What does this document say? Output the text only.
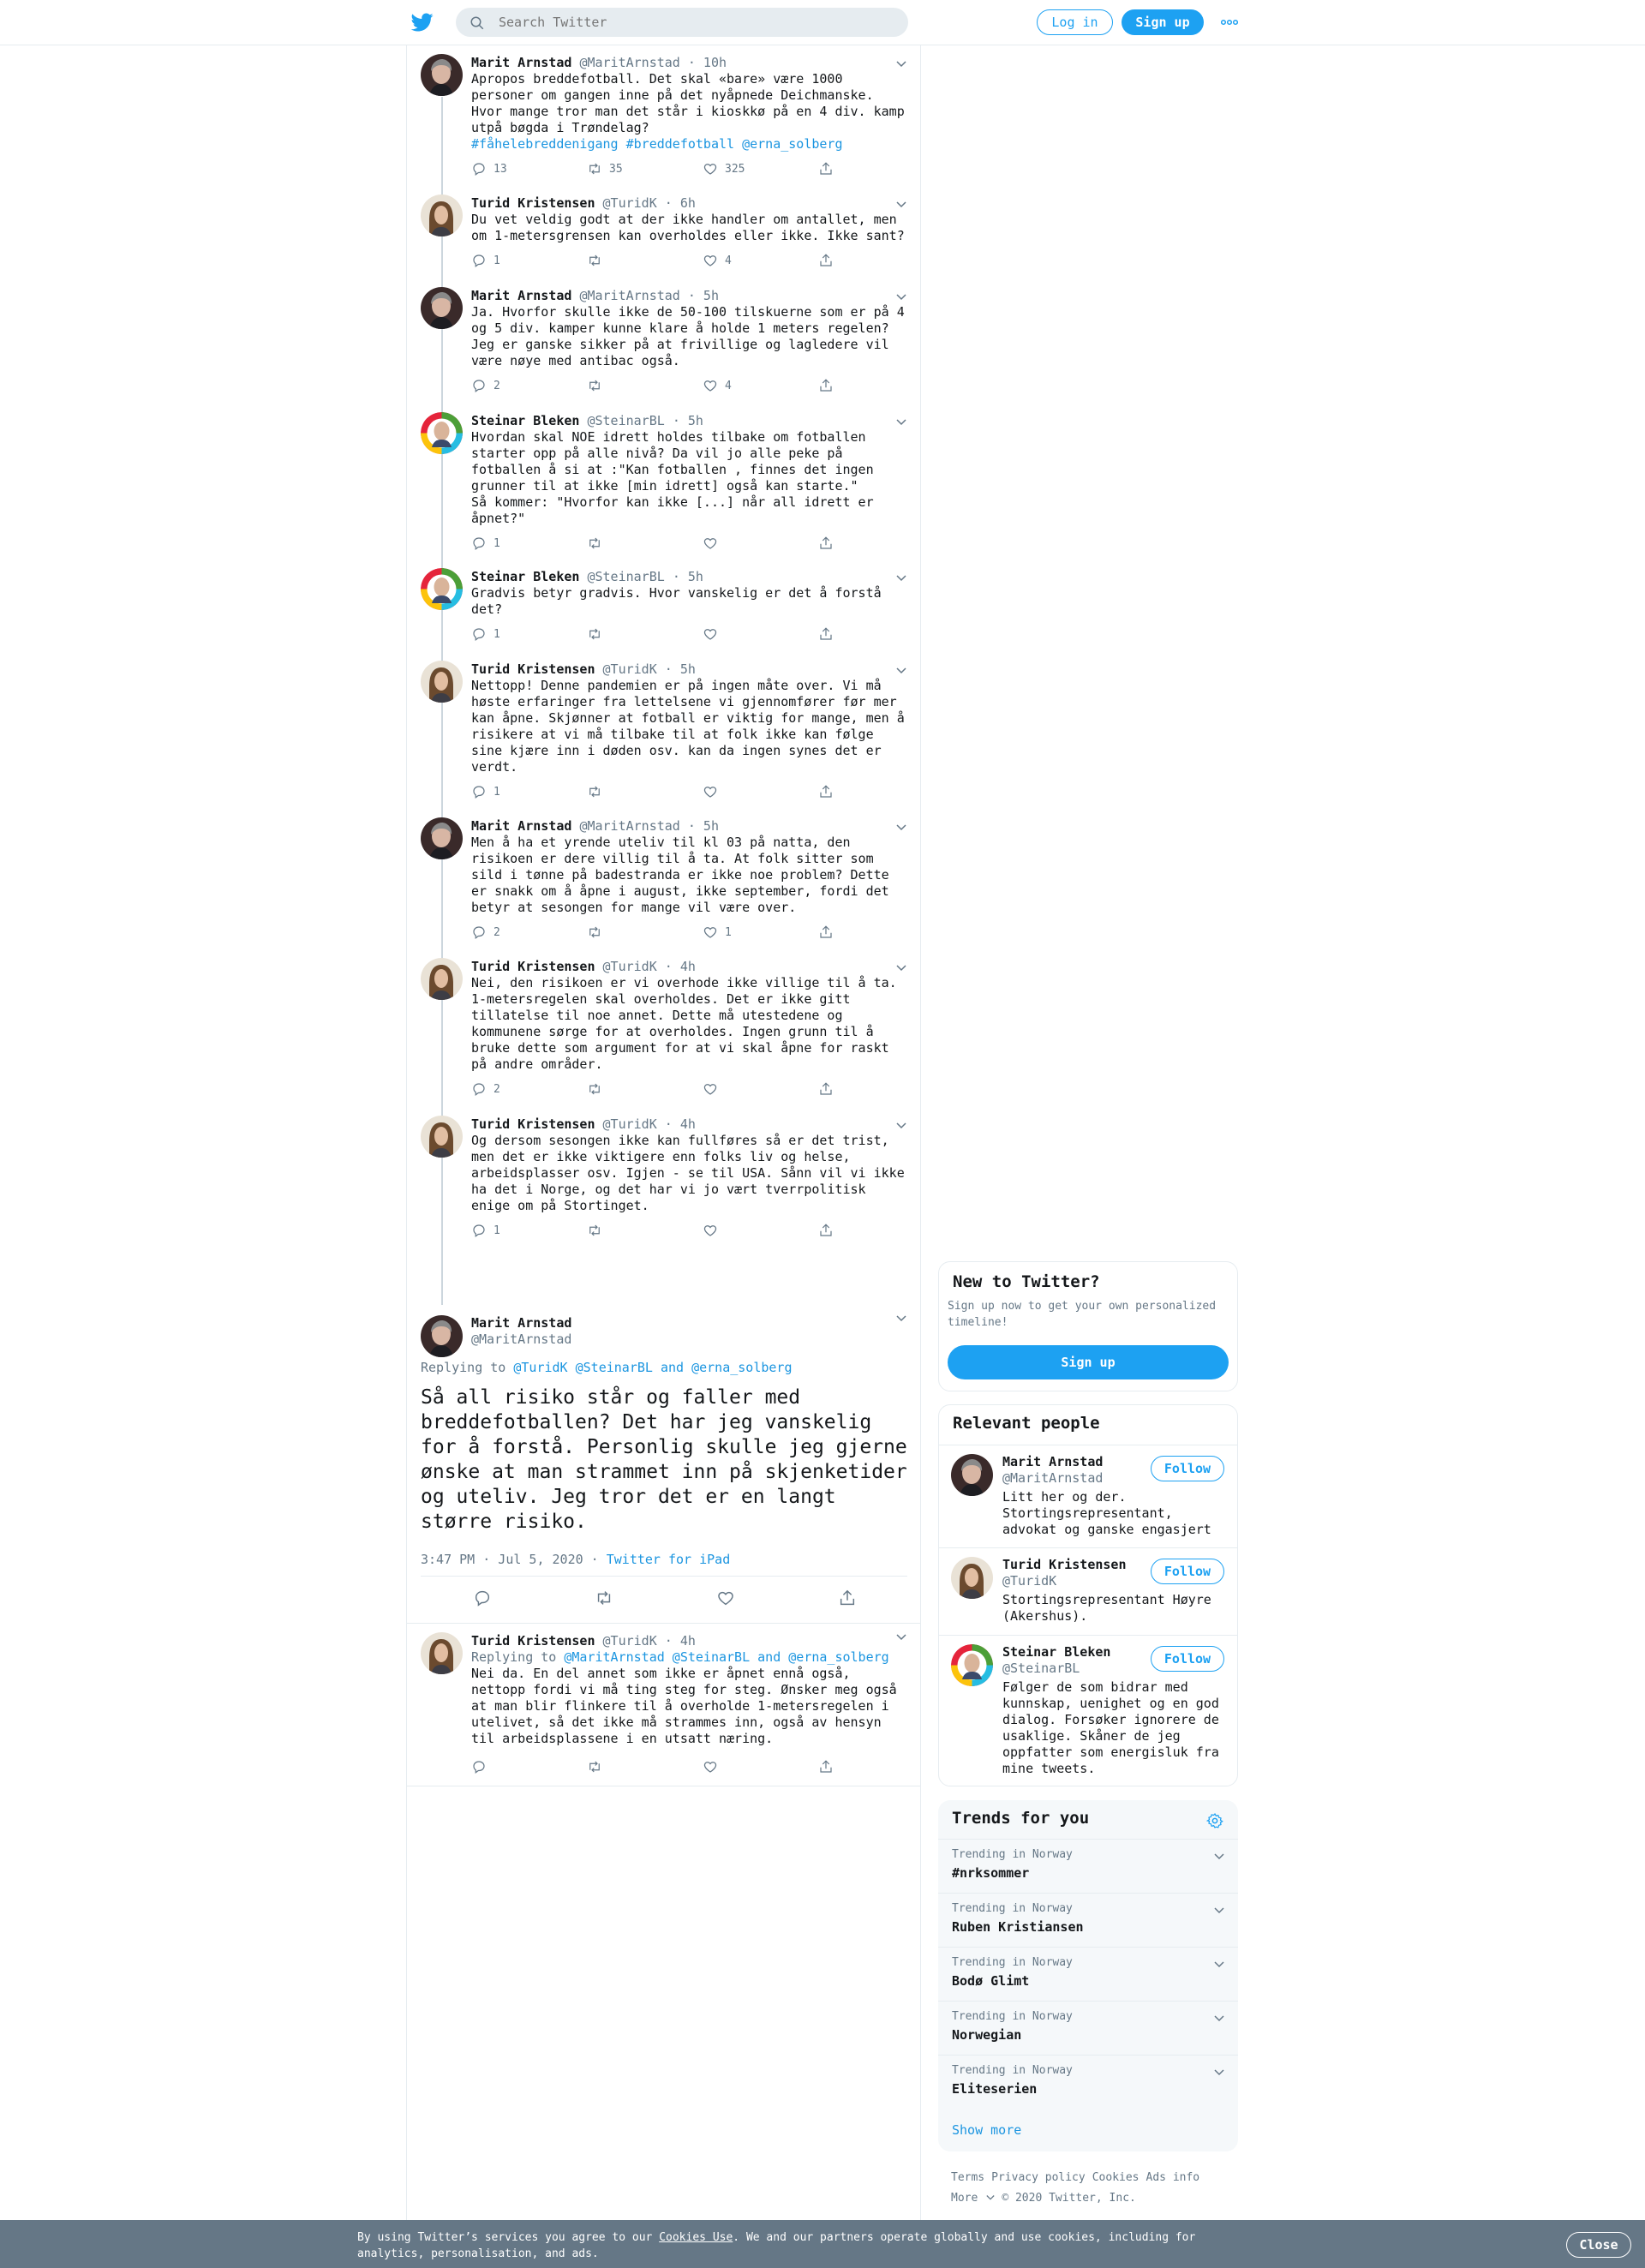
Search Twitter
Log in	Sign up
Marit Arnstad @MaritArnstad · 10h
Apropos breddefotball. Det skal «bare» være 1000
personer om gangen inne på det nyåpnede Deichmanske.
Hvor mange tror man det står i kioskkø på en 4 div. kamp
utpå bøgda i Trøndelag?
#fåhelebreddenigang #breddefotball @erna_solberg
13	35	325
Turid Kristensen @TuridK · 6h
Du vet veldig godt at der ikke handler om antallet, men
om 1-metersgrensen kan overholdes eller ikke. Ikke sant?
1	4
Marit Arnstad @MaritArnstad · 5h
Ja. Hvorfor skulle ikke de 50-100 tilskuerne som er på 4
og 5 div. kamper kunne klare å holde 1 meters regelen?
Jeg er ganske sikker på at frivillige og lagledere vil
være nøye med antibac også.
2	4
Steinar Bleken @SteinarBL · 5h
Hvordan skal NOE idrett holdes tilbake om fotballen
starter opp på alle nivå? Da vil jo alle peke på
fotballen å si at :"Kan fotballen , finnes det ingen
grunner til at ikke [min idrett] også kan starte."
Så kommer: "Hvorfor kan ikke [...] når all idrett er
åpnet?"
1
Steinar Bleken @SteinarBL · 5h
Gradvis betyr gradvis. Hvor vanskelig er det å forstå
det?
1
Turid Kristensen @TuridK · 5h
Nettopp! Denne pandemien er på ingen måte over. Vi må
høste erfaringer fra lettelsene vi gjennomfører før mer
kan åpne. Skjønner at fotball er viktig for mange, men å
risikere at vi må tilbake til at folk ikke kan følge
sine kjære inn i døden osv. kan da ingen synes det er
verdt.
1
Marit Arnstad @MaritArnstad · 5h
Men å ha et yrende uteliv til kl 03 på natta, den
risikoen er dere villig til å ta. At folk sitter som
sild i tønne på badestranda er ikke noe problem? Dette
er snakk om å åpne i august, ikke september, fordi det
betyr at sesongen for mange vil være over.
2	1
Turid Kristensen @TuridK · 4h
Nei, den risikoen er vi overhode ikke villige til å ta.
1-metersregelen skal overholdes. Det er ikke gitt
tillatelse til noe annet. Dette må utestedene og
kommunene sørge for at overholdes. Ingen grunn til å
bruke dette som argument for at vi skal åpne for raskt
på andre områder.
2
Turid Kristensen @TuridK · 4h
Og dersom sesongen ikke kan fullføres så er det trist,
men det er ikke viktigere enn folks liv og helse,
arbeidsplasser osv. Igjen - se til USA. Sånn vil vi ikke
ha det i Norge, og det har vi jo vært tverrpolitisk
enige om på Stortinget.
1
Marit Arnstad
@MaritArnstad
Replying to @TuridK @SteinarBL and @erna_solberg
Så all risiko står og faller med breddefotballen? Det har jeg vanskelig for å forstå. Personlig skulle jeg gjerne ønske at man strammet inn på skjenketider og uteliv. Jeg tror det er en langt større risiko.
3:47 PM · Jul 5, 2020 · Twitter for iPad
Turid Kristensen @TuridK · 4h
Replying to @MaritArnstad @SteinarBL and @erna_solberg
Nei da. En del annet som ikke er åpnet ennå også,
nettopp fordi vi må ting steg for steg. Ønsker meg også
at man blir flinkere til å overholde 1-metersregelen i
utelivet, så det ikke må strammes inn, også av hensyn
til arbeidsplassene i en utsatt næring.
New to Twitter?

Sign up now to get your own personalized timeline!

Sign up
Relevant people
Marit Arnstad
@MaritArnstad
Litt her og der. Stortingsrepresentant, advokat og ganske engasjert
Follow
Turid Kristensen
@TuridK
Stortingsrepresentant Høyre (Akershus).
Follow
Steinar Bleken
@SteinarBL
Følger de som bidrar med kunnskap, uenighet og en god dialog. Forsøker ignorere de usaklige. Skåner de jeg oppfatter som energisluk fra mine tweets.
Follow
Trends for you
Trending in Norway
#nrksommer
Trending in Norway
Ruben Kristiansen
Trending in Norway
Bodø Glimt
Trending in Norway
Norwegian
Trending in Norway
Eliteserien
Show more
Terms Privacy policy Cookies Ads info
More © 2020 Twitter, Inc.

By using Twitter’s services you agree to our Cookies Use. We and our partners operate globally and use cookies, including for analytics, personalisation, and ads.

Close
